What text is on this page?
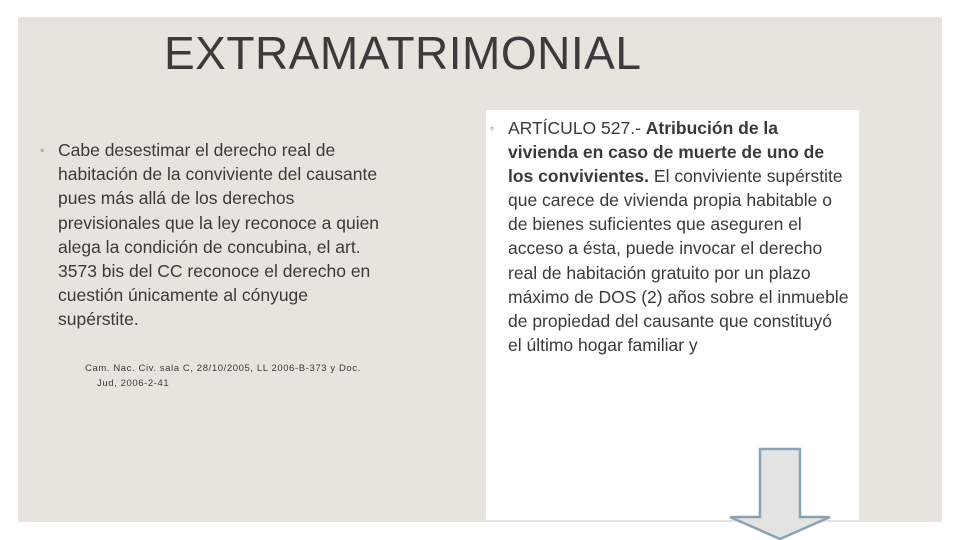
EXTRAMATRIMONIAL
◦ Cabe desestimar el derecho real de habitación de la conviviente del causante pues más allá de los derechos previsionales que la ley reconoce a quien alega la condición de concubina, el art. 3573 bis del CC reconoce el derecho en cuestión únicamente al cónyuge supérstite.
Cam. Nac. Civ. sala C, 28/10/2005, LL 2006-B-373 y Doc.
Jud, 2006-2-41
◦ ARTÍCULO 527.- Atribución de la vivienda en caso de muerte de uno de los convivientes. El conviviente supérstite que carece de vivienda propia habitable o de bienes suficientes que aseguren el acceso a ésta, puede invocar el derecho real de habitación gratuito por un plazo máximo de DOS (2) años sobre el inmueble de propiedad del causante que constituyó el último hogar familiar y
